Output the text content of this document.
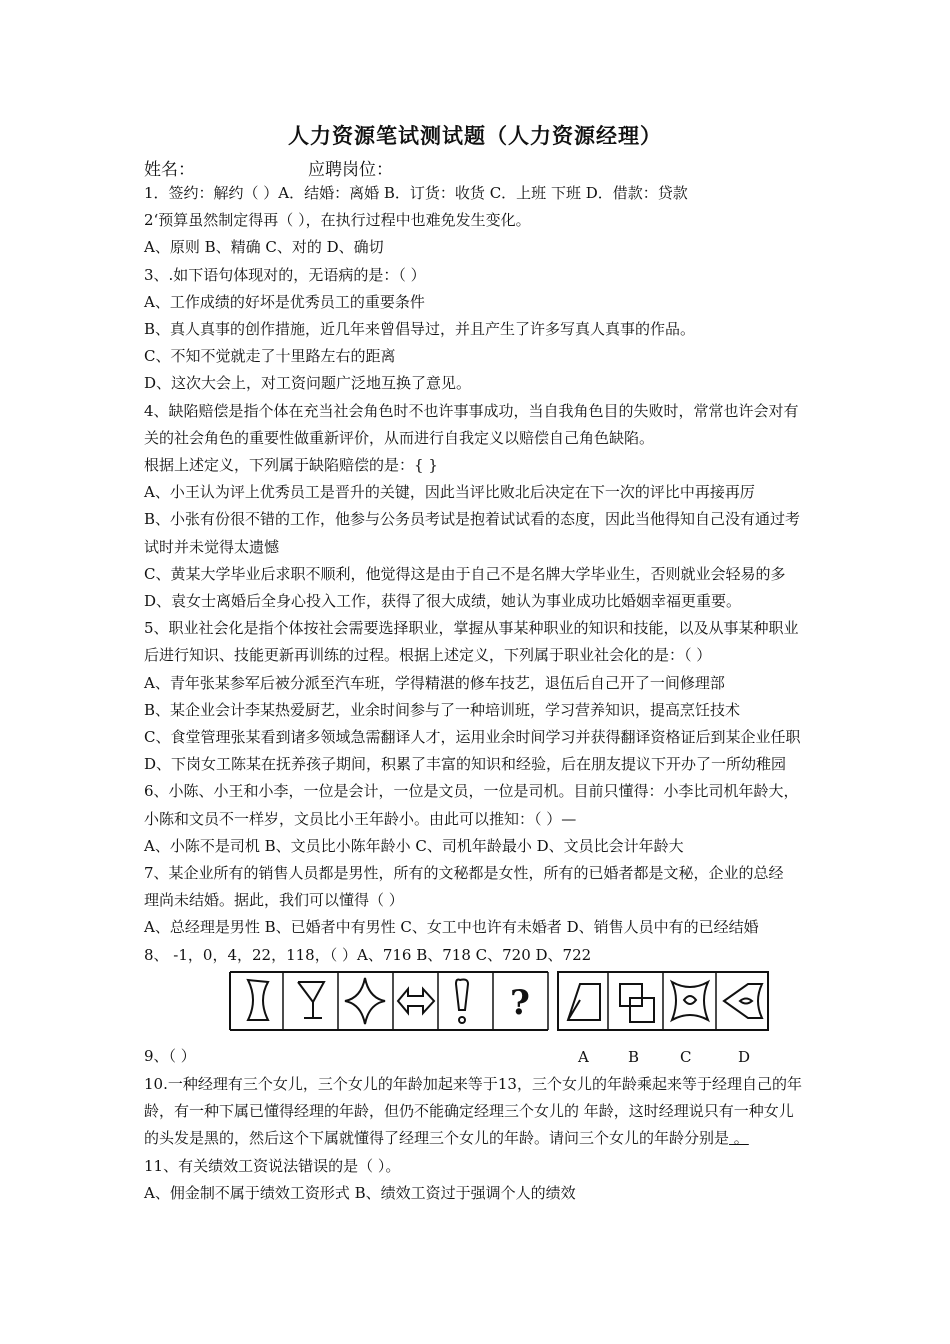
人力资源笔试测试题（人力资源经理）
姓名：	应聘岗位：

1．签约：解约（ ）A．结婚：离婚 B．订货：收货 C．上班 下班 D．借款：贷款

2‘预算虽然制定得再（ ），在执行过程中也难免发生变化。

A、原则 B、精确 C、对的 D、确切

3、.如下语句体现对的，无语病的是：（ ）

A、工作成绩的好坏是优秀员工的重要条件

B、真人真事的创作措施，近几年来曾倡导过，并且产生了许多写真人真事的作品。

C、不知不觉就走了十里路左右的距离

D、这次大会上，对工资问题广泛地互换了意见。

4、缺陷赔偿是指个体在充当社会角色时不也许事事成功，当自我角色目的失败时，常常也许会对有

关的社会角色的重要性做重新评价，从而进行自我定义以赔偿自己角色缺陷。

根据上述定义，下列属于缺陷赔偿的是：{ }

A、小王认为评上优秀员工是晋升的关键，因此当评比败北后决定在下一次的评比中再接再厉

B、小张有份很不错的工作，他参与公务员考试是抱着试试看的态度，因此当他得知自己没有通过考

试时并未觉得太遗憾

C、黄某大学毕业后求职不顺利，他觉得这是由于自己不是名牌大学毕业生，否则就业会轻易的多

D、袁女士离婚后全身心投入工作，获得了很大成绩，她认为事业成功比婚姻幸福更重要。

5、职业社会化是指个体按社会需要选择职业，掌握从事某种职业的知识和技能，以及从事某种职业

后进行知识、技能更新再训练的过程。根据上述定义，下列属于职业社会化的是：（ ）

A、青年张某参军后被分派至汽车班，学得精湛的修车技艺，退伍后自己开了一间修理部

B、某企业会计李某热爱厨艺，业余时间参与了一种培训班，学习营养知识，提高烹饪技术

C、食堂管理张某看到诸多领域急需翻译人才，运用业余时间学习并获得翻译资格证后到某企业任职

D、下岗女工陈某在抚养孩子期间，积累了丰富的知识和经验，后在朋友提议下开办了一所幼稚园

6、小陈、小王和小李，一位是会计，一位是文员，一位是司机。目前只懂得：小李比司机年龄大，

小陈和文员不一样岁，文员比小王年龄小。由此可以推知：（ ）—

A、小陈不是司机 B、文员比小陈年龄小 C、司机年龄最小 D、文员比会计年龄大

7、某企业所有的销售人员都是男性，所有的文秘都是女性，所有的已婚者都是文秘，企业的总经

理尚未结婚。据此，我们可以懂得（ ）

A、总经理是男性 B、已婚者中有男性 C、女工中也许有未婚者 D、销售人员中有的已经结婚

8、 -1，0，4，22，118，（ ）A、716 B、718 C、720 D、722

10.一种经理有三个女儿，三个女儿的年龄加起来等于13，三个女儿的年龄乘起来等于经理自己的年

龄，有一种下属已懂得经理的年龄，但仍不能确定经理三个女儿的 年龄，这时经理说只有一种女儿

的头发是黑的，然后这个下属就懂得了经理三个女儿的年龄。请问三个女儿的年龄分别是 。

11、有关绩效工资说法错误的是（ ）。

A、佣金制不属于绩效工资形式 B、绩效工资过于强调个人的绩效

9、（ ）
?
A	B	C	D
